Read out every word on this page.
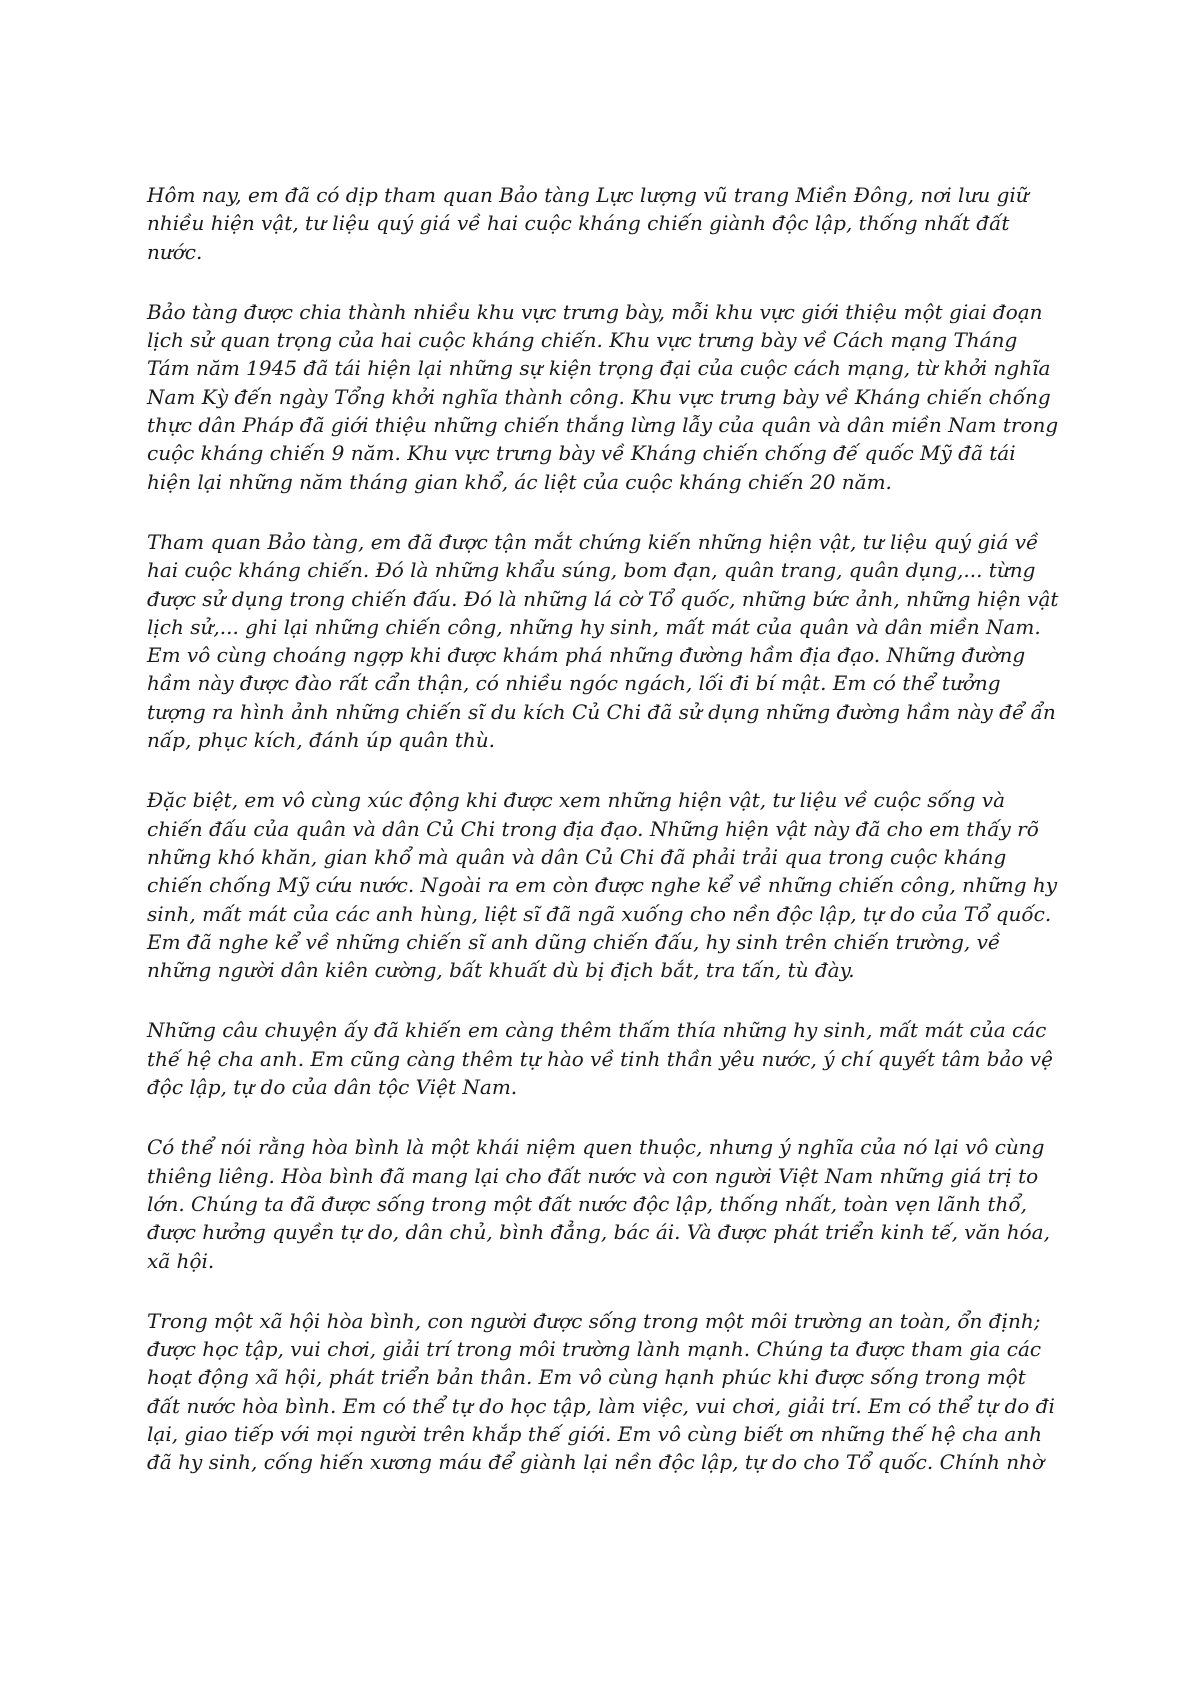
Hôm nay, em đã có dịp tham quan Bảo tàng Lực lượng vũ trang Miền Đông, nơi lưu giữ nhiều hiện vật, tư liệu quý giá về hai cuộc kháng chiến giành độc lập, thống nhất đất nước.

Bảo tàng được chia thành nhiều khu vực trưng bày, mỗi khu vực giới thiệu một giai đoạn lịch sử quan trọng của hai cuộc kháng chiến. Khu vực trưng bày về Cách mạng Tháng Tám năm 1945 đã tái hiện lại những sự kiện trọng đại của cuộc cách mạng, từ khởi nghĩa Nam Kỳ đến ngày Tổng khởi nghĩa thành công. Khu vực trưng bày về Kháng chiến chống thực dân Pháp đã giới thiệu những chiến thắng lừng lẫy của quân và dân miền Nam trong cuộc kháng chiến 9 năm. Khu vực trưng bày về Kháng chiến chống đế quốc Mỹ đã tái hiện lại những năm tháng gian khổ, ác liệt của cuộc kháng chiến 20 năm.

Tham quan Bảo tàng, em đã được tận mắt chứng kiến những hiện vật, tư liệu quý giá về hai cuộc kháng chiến. Đó là những khẩu súng, bom đạn, quân trang, quân dụng,... từng được sử dụng trong chiến đấu. Đó là những lá cờ Tổ quốc, những bức ảnh, những hiện vật lịch sử,... ghi lại những chiến công, những hy sinh, mất mát của quân và dân miền Nam. Em vô cùng choáng ngợp khi được khám phá những đường hầm địa đạo. Những đường hầm này được đào rất cẩn thận, có nhiều ngóc ngách, lối đi bí mật. Em có thể tưởng tượng ra hình ảnh những chiến sĩ du kích Củ Chi đã sử dụng những đường hầm này để ẩn nấp, phục kích, đánh úp quân thù.

Đặc biệt, em vô cùng xúc động khi được xem những hiện vật, tư liệu về cuộc sống và chiến đấu của quân và dân Củ Chi trong địa đạo. Những hiện vật này đã cho em thấy rõ những khó khăn, gian khổ mà quân và dân Củ Chi đã phải trải qua trong cuộc kháng chiến chống Mỹ cứu nước. Ngoài ra em còn được nghe kể về những chiến công, những hy sinh, mất mát của các anh hùng, liệt sĩ đã ngã xuống cho nền độc lập, tự do của Tổ quốc. Em đã nghe kể về những chiến sĩ anh dũng chiến đấu, hy sinh trên chiến trường, về những người dân kiên cường, bất khuất dù bị địch bắt, tra tấn, tù đày.

Những câu chuyện ấy đã khiến em càng thêm thấm thía những hy sinh, mất mát của các thế hệ cha anh. Em cũng càng thêm tự hào về tinh thần yêu nước, ý chí quyết tâm bảo vệ độc lập, tự do của dân tộc Việt Nam.

Có thể nói rằng hòa bình là một khái niệm quen thuộc, nhưng ý nghĩa của nó lại vô cùng thiêng liêng. Hòa bình đã mang lại cho đất nước và con người Việt Nam những giá trị to lớn. Chúng ta đã được sống trong một đất nước độc lập, thống nhất, toàn vẹn lãnh thổ, được hưởng quyền tự do, dân chủ, bình đẳng, bác ái. Và được phát triển kinh tế, văn hóa, xã hội.

Trong một xã hội hòa bình, con người được sống trong một môi trường an toàn, ổn định; được học tập, vui chơi, giải trí trong môi trường lành mạnh. Chúng ta được tham gia các hoạt động xã hội, phát triển bản thân. Em vô cùng hạnh phúc khi được sống trong một đất nước hòa bình. Em có thể tự do học tập, làm việc, vui chơi, giải trí. Em có thể tự do đi lại, giao tiếp với mọi người trên khắp thế giới. Em vô cùng biết ơn những thế hệ cha anh đã hy sinh, cống hiến xương máu để giành lại nền độc lập, tự do cho Tổ quốc. Chính nhờ
